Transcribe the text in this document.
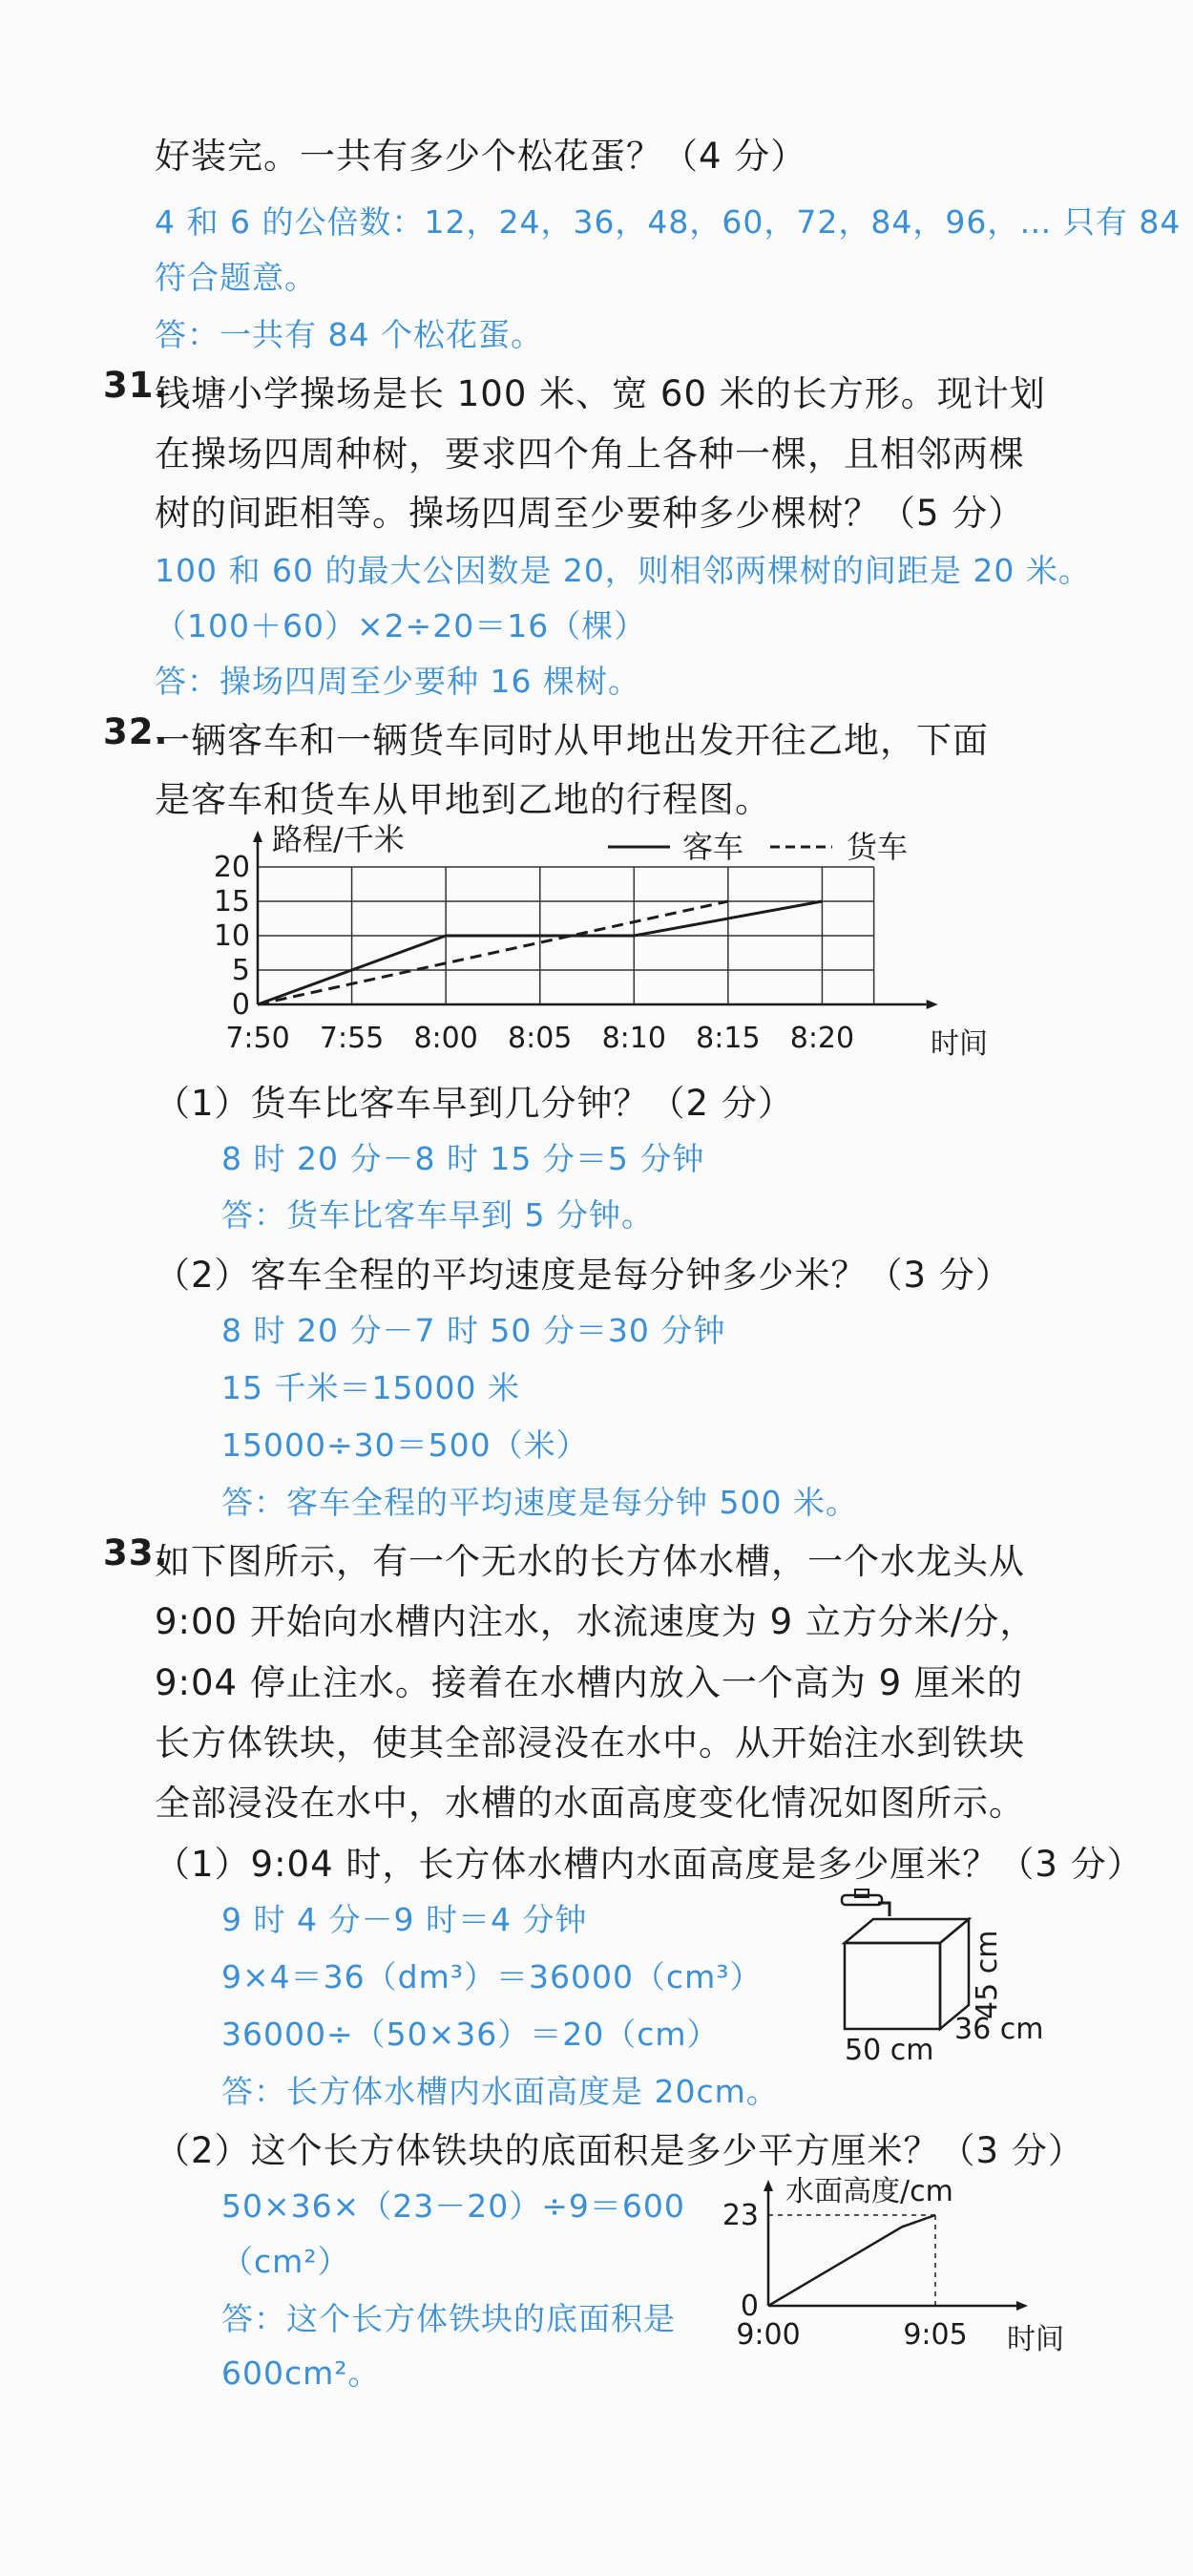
好装完。一共有多少个松花蛋？（4 分）
4 和 6 的公倍数：12，24，36，48，60，72，84，96，… 只有 84
符合题意。
答：一共有 84 个松花蛋。
31.
钱塘小学操场是长 100 米、宽 60 米的长方形。现计划
在操场四周种树，要求四个角上各种一棵，且相邻两棵
树的间距相等。操场四周至少要种多少棵树？（5 分）
100 和 60 的最大公因数是 20，则相邻两棵树的间距是 20 米。
（100＋60）×2÷20＝16（棵）
答：操场四周至少要种 16 棵树。
32.
一辆客车和一辆货车同时从甲地出发开往乙地，下面
是客车和货车从甲地到乙地的行程图。
0
5
10
15
20
7:50 7:55 8:00 8:05 8:10 8:15 8:20
路程/千米
时间
客车	货车
（1）货车比客车早到几分钟？（2 分）
8 时 20 分－8 时 15 分＝5 分钟
答：货车比客车早到 5 分钟。
（2）客车全程的平均速度是每分钟多少米？（3 分）
8 时 20 分－7 时 50 分＝30 分钟
15 千米＝15000 米
15000÷30＝500（米）
答：客车全程的平均速度是每分钟 500 米。
33.
如下图所示，有一个无水的长方体水槽，一个水龙头从
9:00 开始向水槽内注水，水流速度为 9 立方分米/分，
9:04 停止注水。接着在水槽内放入一个高为 9 厘米的
长方体铁块，使其全部浸没在水中。从开始注水到铁块
全部浸没在水中，水槽的水面高度变化情况如图所示。
（1）9:04 时，长方体水槽内水面高度是多少厘米？（3 分）
9 时 4 分－9 时＝4 分钟
9×4＝36（dm³）＝36000（cm³）
36000÷（50×36）＝20（cm）
答：长方体水槽内水面高度是 20cm。
45 cm
50 cm
36 cm
（2）这个长方体铁块的底面积是多少平方厘米？（3 分）
50×36×（23－20）÷9＝600
（cm²）
答：这个长方体铁块的底面积是
600cm²。
23
0
9:00	9:05
水面高度/cm
时间
